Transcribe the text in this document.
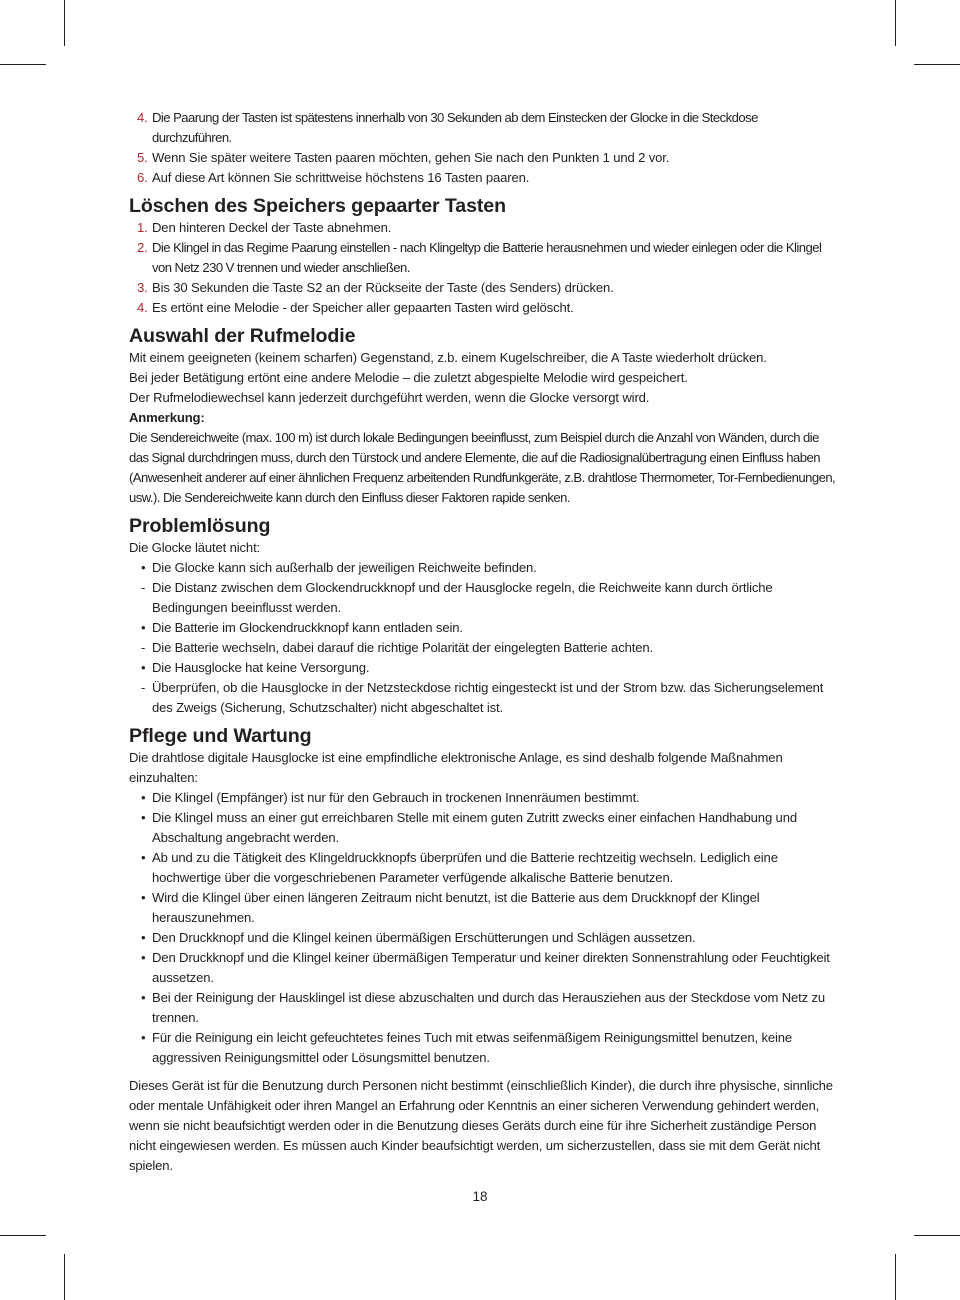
4. Die Paarung der Tasten ist spätestens innerhalb von 30 Sekunden ab dem Einstecken der Glocke in die Steckdose durchzuführen.
5. Wenn Sie später weitere Tasten paaren möchten, gehen Sie nach den Punkten 1 und 2 vor.
6. Auf diese Art können Sie schrittweise höchstens 16 Tasten paaren.
Löschen des Speichers gepaarter Tasten
1. Den hinteren Deckel der Taste abnehmen.
2. Die Klingel in das Regime Paarung einstellen - nach Klingeltyp die Batterie herausnehmen und wieder einlegen oder die Klingel von Netz 230 V trennen und wieder anschließen.
3. Bis 30 Sekunden die Taste S2 an der Rückseite der Taste (des Senders) drücken.
4. Es ertönt eine Melodie - der Speicher aller gepaarten Tasten wird gelöscht.
Auswahl der Rufmelodie

Mit einem geeigneten (keinem scharfen) Gegenstand, z.b. einem Kugelschreiber, die A Taste wiederholt drücken.

Bei jeder Betätigung ertönt eine andere Melodie – die zuletzt abgespielte Melodie wird gespeichert.

Der Rufmelodiewechsel kann jederzeit durchgeführt werden, wenn die Glocke versorgt wird.

Anmerkung:

Die Sendereichweite (max. 100 m) ist durch lokale Bedingungen beeinflusst, zum Beispiel durch die Anzahl von Wänden, durch die das Signal durchdringen muss, durch den Türstock und andere Elemente, die auf die Radiosignalübertragung einen Einfluss haben (Anwesenheit anderer auf einer ähnlichen Frequenz arbeitenden Rundfunkgeräte, z.B. drahtlose Thermometer, Tor-Fernbedienungen, usw.). Die Sendereichweite kann durch den Einfluss dieser Faktoren rapide senken.

Problemlösung

Die Glocke läutet nicht:

• Die Glocke kann sich außerhalb der jeweiligen Reichweite befinden.
- Die Distanz zwischen dem Glockendruckknopf und der Hausglocke regeln, die Reichweite kann durch örtliche Bedingungen beeinflusst werden.
• Die Batterie im Glockendruckknopf kann entladen sein.
- Die Batterie wechseln, dabei darauf die richtige Polarität der eingelegten Batterie achten.
• Die Hausglocke hat keine Versorgung.
- Überprüfen, ob die Hausglocke in der Netzsteckdose richtig eingesteckt ist und der Strom bzw. das Sicherungselement des Zweigs (Sicherung, Schutzschalter) nicht abgeschaltet ist.
Pflege und Wartung

Die drahtlose digitale Hausglocke ist eine empfindliche elektronische Anlage, es sind deshalb folgende Maßnahmen einzuhalten:

• Die Klingel (Empfänger) ist nur für den Gebrauch in trockenen Innenräumen bestimmt.
• Die Klingel muss an einer gut erreichbaren Stelle mit einem guten Zutritt zwecks einer einfachen Handhabung und Abschaltung angebracht werden.
• Ab und zu die Tätigkeit des Klingeldruckknopfs überprüfen und die Batterie rechtzeitig wechseln. Lediglich eine hochwertige über die vorgeschriebenen Parameter verfügende alkalische Batterie benutzen.
• Wird die Klingel über einen längeren Zeitraum nicht benutzt, ist die Batterie aus dem Druckknopf der Klingel herauszunehmen.
• Den Druckknopf und die Klingel keinen übermäßigen Erschütterungen und Schlägen aussetzen.
• Den Druckknopf und die Klingel keiner übermäßigen Temperatur und keiner direkten Sonnenstrahlung oder Feuchtigkeit aussetzen.
• Bei der Reinigung der Hausklingel ist diese abzuschalten und durch das Herausziehen aus der Steckdose vom Netz zu trennen.
• Für die Reinigung ein leicht gefeuchtetes feines Tuch mit etwas seifenmäßigem Reinigungsmittel benutzen, keine aggressiven Reinigungsmittel oder Lösungsmittel benutzen.

Dieses Gerät ist für die Benutzung durch Personen nicht bestimmt (einschließlich Kinder), die durch ihre physische, sinnliche oder mentale Unfähigkeit oder ihren Mangel an Erfahrung oder Kenntnis an einer sicheren Verwendung gehindert werden, wenn sie nicht beaufsichtigt werden oder in die Benutzung dieses Geräts durch eine für ihre Sicherheit zuständige Person nicht eingewiesen werden. Es müssen auch Kinder beaufsichtigt werden, um sicherzustellen, dass sie mit dem Gerät nicht spielen.

18
